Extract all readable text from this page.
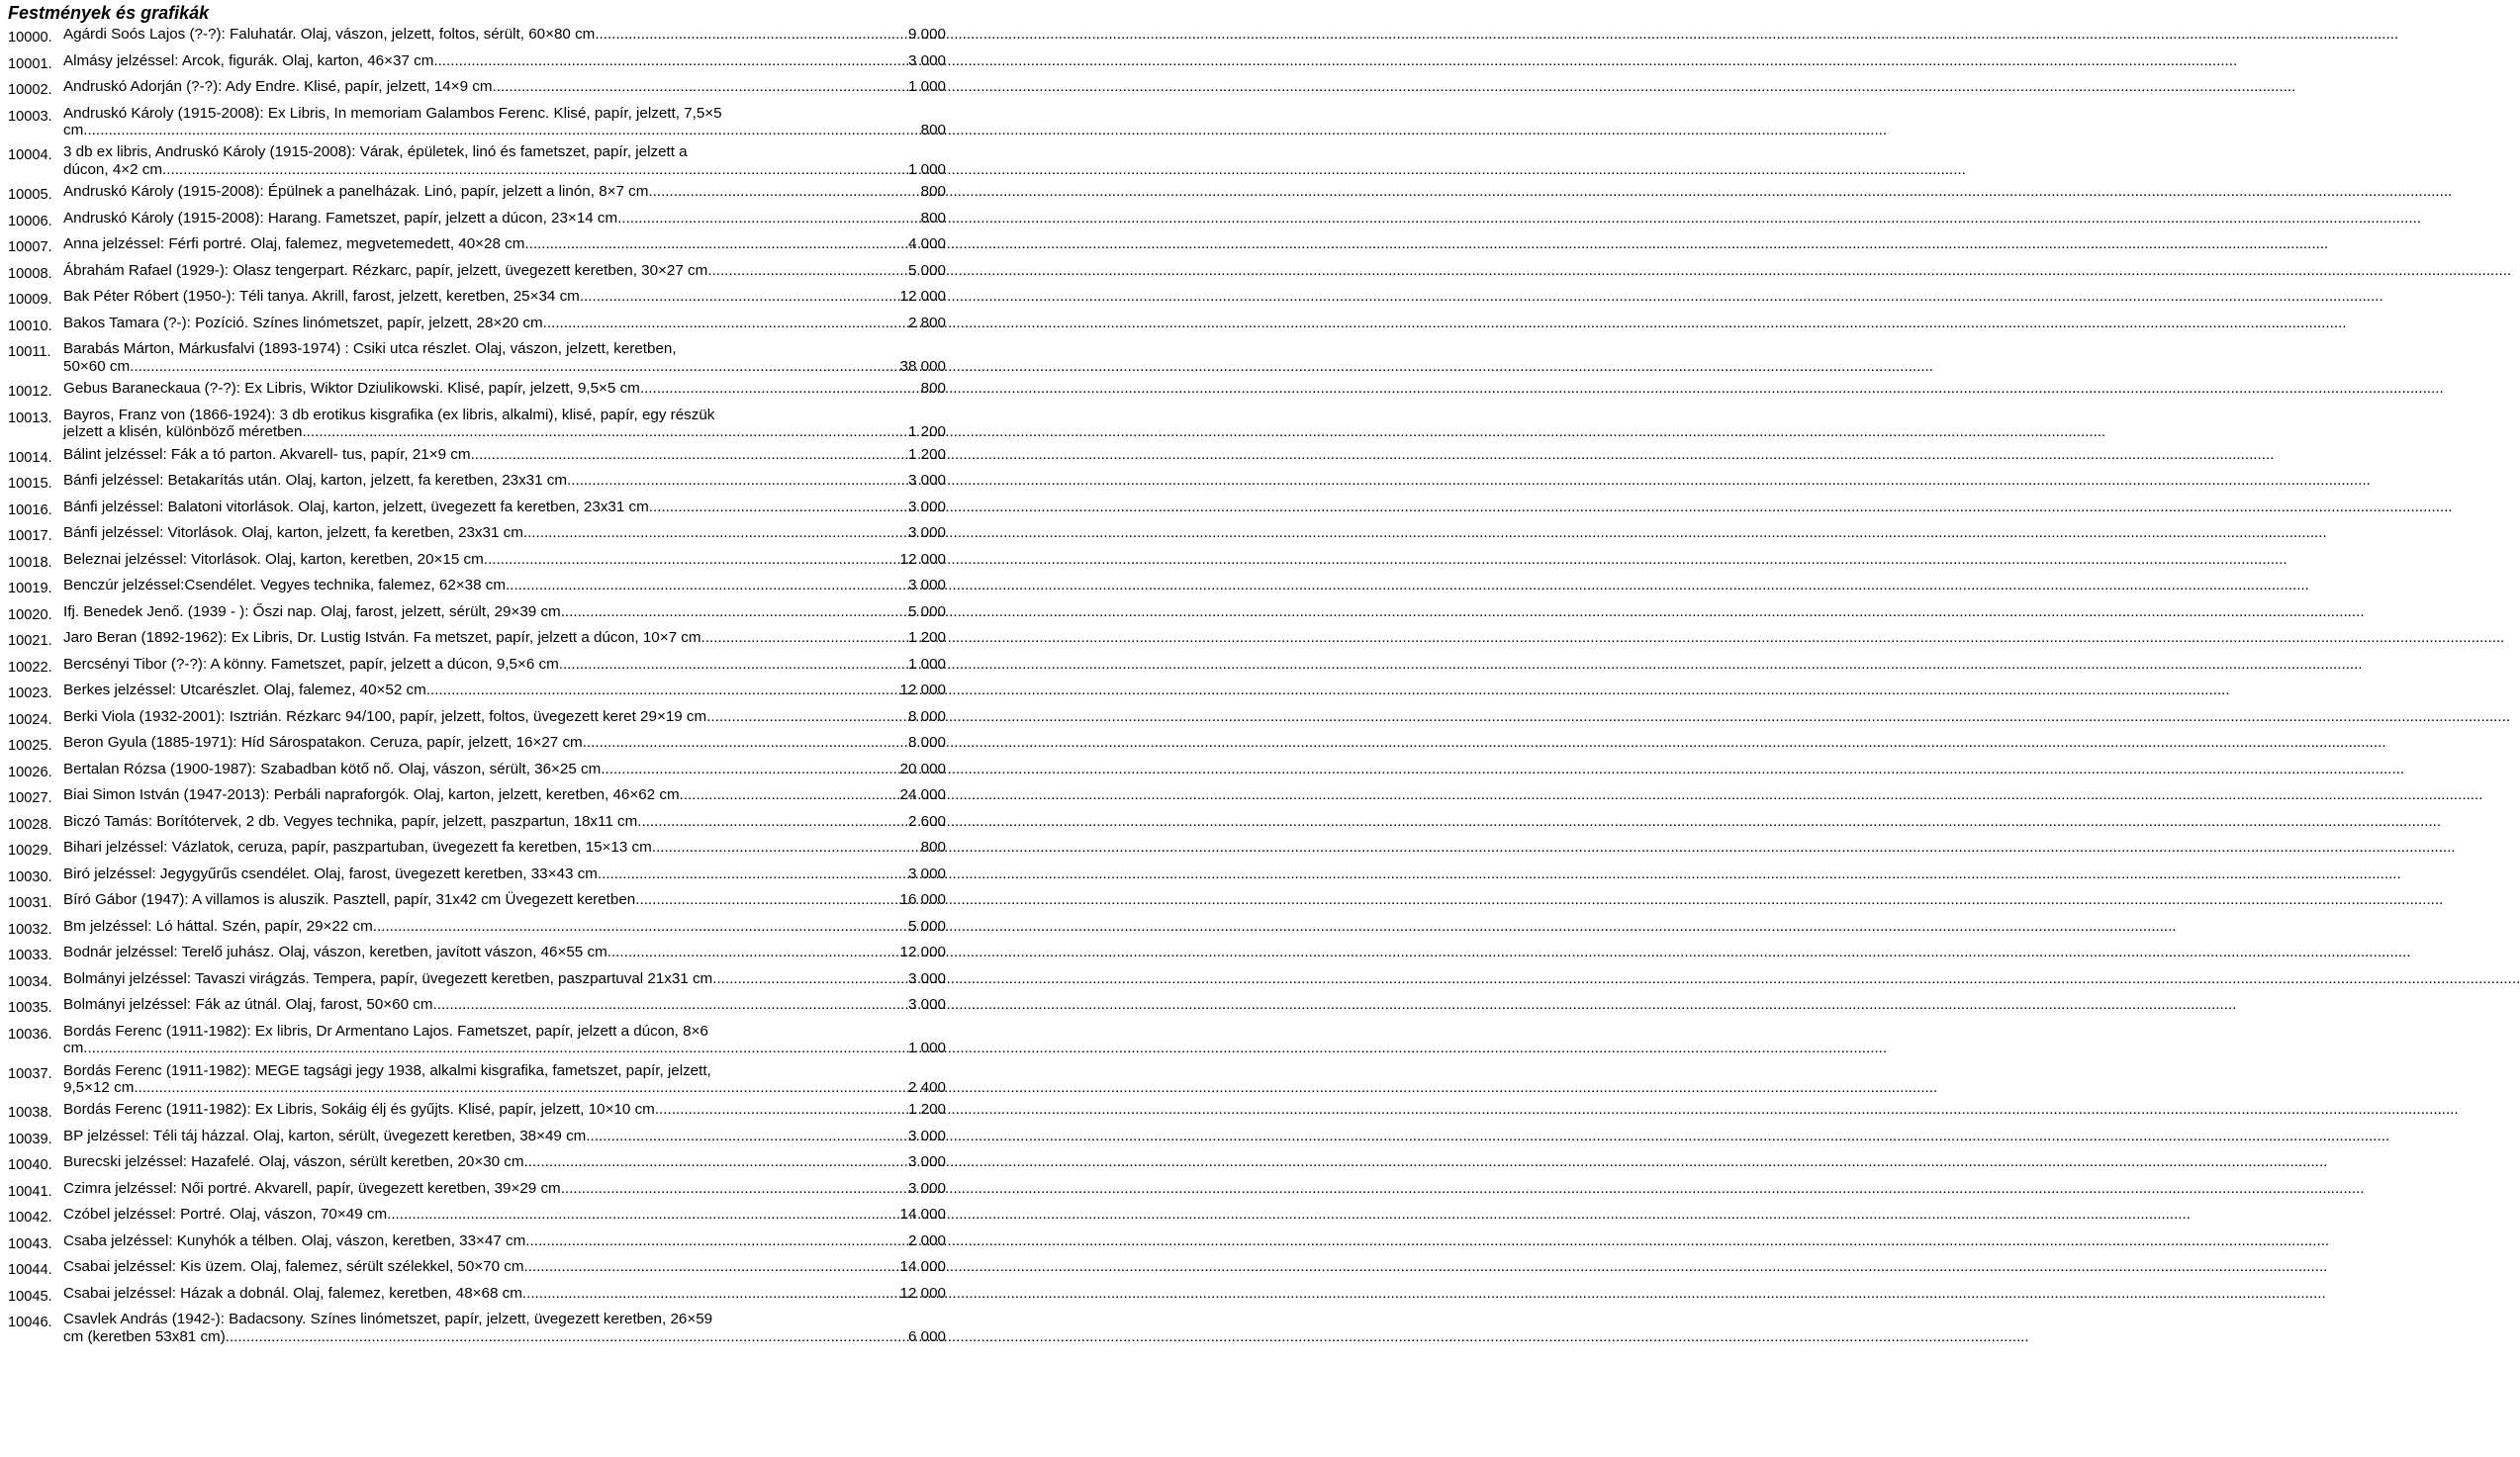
Festmények és grafikák
10000. Agárdi Soós Lajos (?-?): Faluhatár. Olaj, vászon, jelzett, foltos, sérült, 60×80 cm .....	9 000
10001. Almásy jelzéssel: Arcok, figurák. Olaj, karton, 46×37 cm .....	3 000
10002. Andruskó Adorján (?-?): Ady Endre. Klisé, papír, jelzett, 14×9 cm .....	1 000
10003. Andruskó Károly (1915-2008): Ex Libris, In memoriam Galambos Ferenc. Klisé, papír, jelzett, 7,5×5
cm .....	800
10004. 3 db ex libris, Andruskó Károly (1915-2008): Várak, épületek, linó és fametszet, papír, jelzett a
dúcon, 4×2 cm .....	1 000
10005. Andruskó Károly (1915-2008): Épülnek a panelházak. Linó, papír, jelzett a linón, 8×7 cm .....	800
10006. Andruskó Károly (1915-2008): Harang. Fametszet, papír, jelzett a dúcon, 23×14 cm .....	800
10007. Anna jelzéssel: Férfi portré. Olaj, falemez, megvetemedett, 40×28 cm .....	4 000
10008. Ábrahám Rafael (1929-): Olasz tengerpart. Rézkarc, papír, jelzett, üvegezett keretben, 30×27 cm .....	5 000
10009. Bak Péter Róbert (1950-): Téli tanya. Akrill, farost, jelzett, keretben, 25×34 cm .....	12 000
10010. Bakos Tamara (?-): Pozíció. Színes linómetszet, papír, jelzett, 28×20 cm .....	2 800
10011. Barabás Márton, Márkusfalvi (1893-1974) : Csiki utca részlet. Olaj, vászon, jelzett, keretben,
50×60 cm .....	38 000
10012. Gebus Baraneckaua (?-?): Ex Libris, Wiktor Dziulikowski. Klisé, papír, jelzett, 9,5×5 cm .....	800
10013. Bayros, Franz von (1866-1924): 3 db erotikus kisgrafika (ex libris, alkalmi), klisé, papír, egy részük
jelzett a klisén, különböző méretben .....	1 200
10014. Bálint jelzéssel: Fák a tó parton. Akvarell- tus, papír, 21×9 cm .....	1 200
10015. Bánfi jelzéssel: Betakarítás után. Olaj, karton, jelzett, fa keretben, 23x31 cm .....	3 000
10016. Bánfi jelzéssel: Balatoni vitorlások. Olaj, karton, jelzett, üvegezett fa keretben, 23x31 cm .....	3 000
10017. Bánfi jelzéssel: Vitorlások. Olaj, karton, jelzett, fa keretben, 23x31 cm .....	3 000
10018. Beleznai jelzéssel: Vitorlások. Olaj, karton, keretben, 20×15 cm .....	12 000
10019. Benczúr jelzéssel:Csendélet. Vegyes technika, falemez, 62×38 cm .....	3 000
10020. Ifj. Benedek Jenő. (1939 - ): Őszi nap. Olaj, farost, jelzett, sérült, 29×39 cm .....	5 000
10021. Jaro Beran (1892-1962): Ex Libris, Dr. Lustig István. Fa metszet, papír, jelzett a dúcon, 10×7 cm .....	1 200
10022. Bercsényi Tibor (?-?): A könny. Fametszet, papír, jelzett a dúcon, 9,5×6 cm .....	1 000
10023. Berkes jelzéssel: Utcarészlet. Olaj, falemez, 40×52 cm .....	12 000
10024. Berki Viola (1932-2001): Isztrián. Rézkarc 94/100, papír, jelzett, foltos, üvegezett keret 29×19 cm .....	8 000
10025. Beron Gyula (1885-1971): Híd Sárospatakon. Ceruza, papír, jelzett, 16×27 cm .....	8 000
10026. Bertalan Rózsa (1900-1987): Szabadban kötő nő. Olaj, vászon, sérült, 36×25 cm .....	20 000
10027. Biai Simon István (1947-2013): Perbáli napraforgók. Olaj, karton, jelzett, keretben, 46×62 cm .....	24 000
10028. Biczó Tamás: Borítótervek, 2 db. Vegyes technika, papír, jelzett, paszpartun, 18x11 cm .....	2 600
10029. Bihari jelzéssel: Vázlatok, ceruza, papír, paszpartuban, üvegezett fa keretben, 15×13 cm .....	800
10030. Biró jelzéssel: Jegygyűrűs csendélet. Olaj, farost, üvegezett keretben, 33×43 cm .....	3 000
10031. Bíró Gábor (1947): A villamos is aluszik. Pasztell, papír, 31x42 cm Üvegezett keretben. .....	16 000
10032. Bm jelzéssel: Ló háttal. Szén, papír, 29×22 cm .....	5 000
10033. Bodnár jelzéssel: Terelő juhász. Olaj, vászon, keretben, javított vászon, 46×55 cm .....	12 000
10034. Bolmányi jelzéssel: Tavaszi virágzás. Tempera, papír, üvegezett keretben, paszpartuval 21x31 cm. .....	3 000
10035. Bolmányi jelzéssel: Fák az útnál. Olaj, farost, 50×60 cm .....	3 000
10036. Bordás Ferenc (1911-1982): Ex libris, Dr Armentano Lajos. Fametszet, papír, jelzett a dúcon, 8×6
cm .....	1 000
10037. Bordás Ferenc (1911-1982): MEGE tagsági jegy 1938, alkalmi kisgrafika, fametszet, papír, jelzett,
9,5×12 cm .....	2 400
10038. Bordás Ferenc (1911-1982): Ex Libris, Sokáig élj és gyűjts. Klisé, papír, jelzett, 10×10 cm .....	1 200
10039. BP jelzéssel: Téli táj házzal. Olaj, karton, sérült, üvegezett keretben, 38×49 cm .....	3 000
10040. Burecski jelzéssel: Hazafelé. Olaj, vászon, sérült keretben, 20×30 cm .....	3 000
10041. Czimra jelzéssel: Női portré. Akvarell, papír, üvegezett keretben, 39×29 cm .....	3 000
10042. Czóbel jelzéssel: Portré. Olaj, vászon, 70×49 cm .....	14 000
10043. Csaba jelzéssel: Kunyhók a télben. Olaj, vászon, keretben, 33×47 cm .....	2 000
10044. Csabai jelzéssel: Kis üzem. Olaj, falemez, sérült szélekkel, 50×70 cm .....	14 000
10045. Csabai jelzéssel: Házak a dobnál. Olaj, falemez, keretben, 48×68 cm .....	12 000
10046. Csavlek András (1942-): Badacsony. Színes linómetszet, papír, jelzett, üvegezett keretben, 26×59
cm (keretben 53x81 cm) .....	6 000
